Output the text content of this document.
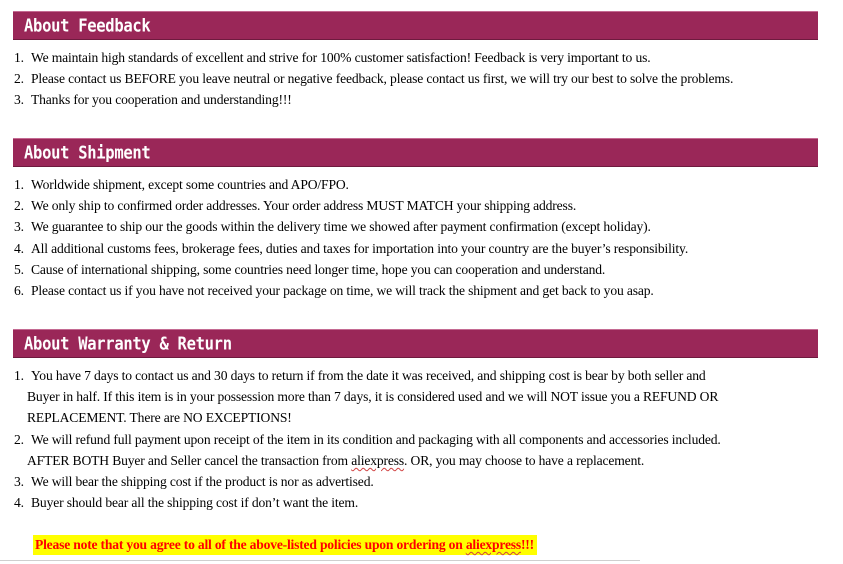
About Feedback
1. We maintain high standards of excellent and strive for 100% customer satisfaction! Feedback is very important to us.
2. Please contact us BEFORE you leave neutral or negative feedback, please contact us first, we will try our best to solve the problems.
3. Thanks for you cooperation and understanding!!!
About Shipment
1. Worldwide shipment, except some countries and APO/FPO.
2. We only ship to confirmed order addresses. Your order address MUST MATCH your shipping address.
3. We guarantee to ship our the goods within the delivery time we showed after payment confirmation (except holiday).
4. All additional customs fees, brokerage fees, duties and taxes for importation into your country are the buyer’s responsibility.
5. Cause of international shipping, some countries need longer time, hope you can cooperation and understand.
6. Please contact us if you have not received your package on time, we will track the shipment and get back to you asap.
About Warranty & Return
1. You have 7 days to contact us and 30 days to return if from the date it was received, and shipping cost is bear by both seller and
Buyer in half. If this item is in your possession more than 7 days, it is considered used and we will NOT issue you a REFUND OR
REPLACEMENT. There are NO EXCEPTIONS!
2. We will refund full payment upon receipt of the item in its condition and packaging with all components and accessories included.
AFTER BOTH Buyer and Seller cancel the transaction from aliexpress. OR, you may choose to have a replacement.
3. We will bear the shipping cost if the product is nor as advertised.
4. Buyer should bear all the shipping cost if don’t want the item.
Please note that you agree to all of the above-listed policies upon ordering on aliexpress!!!
